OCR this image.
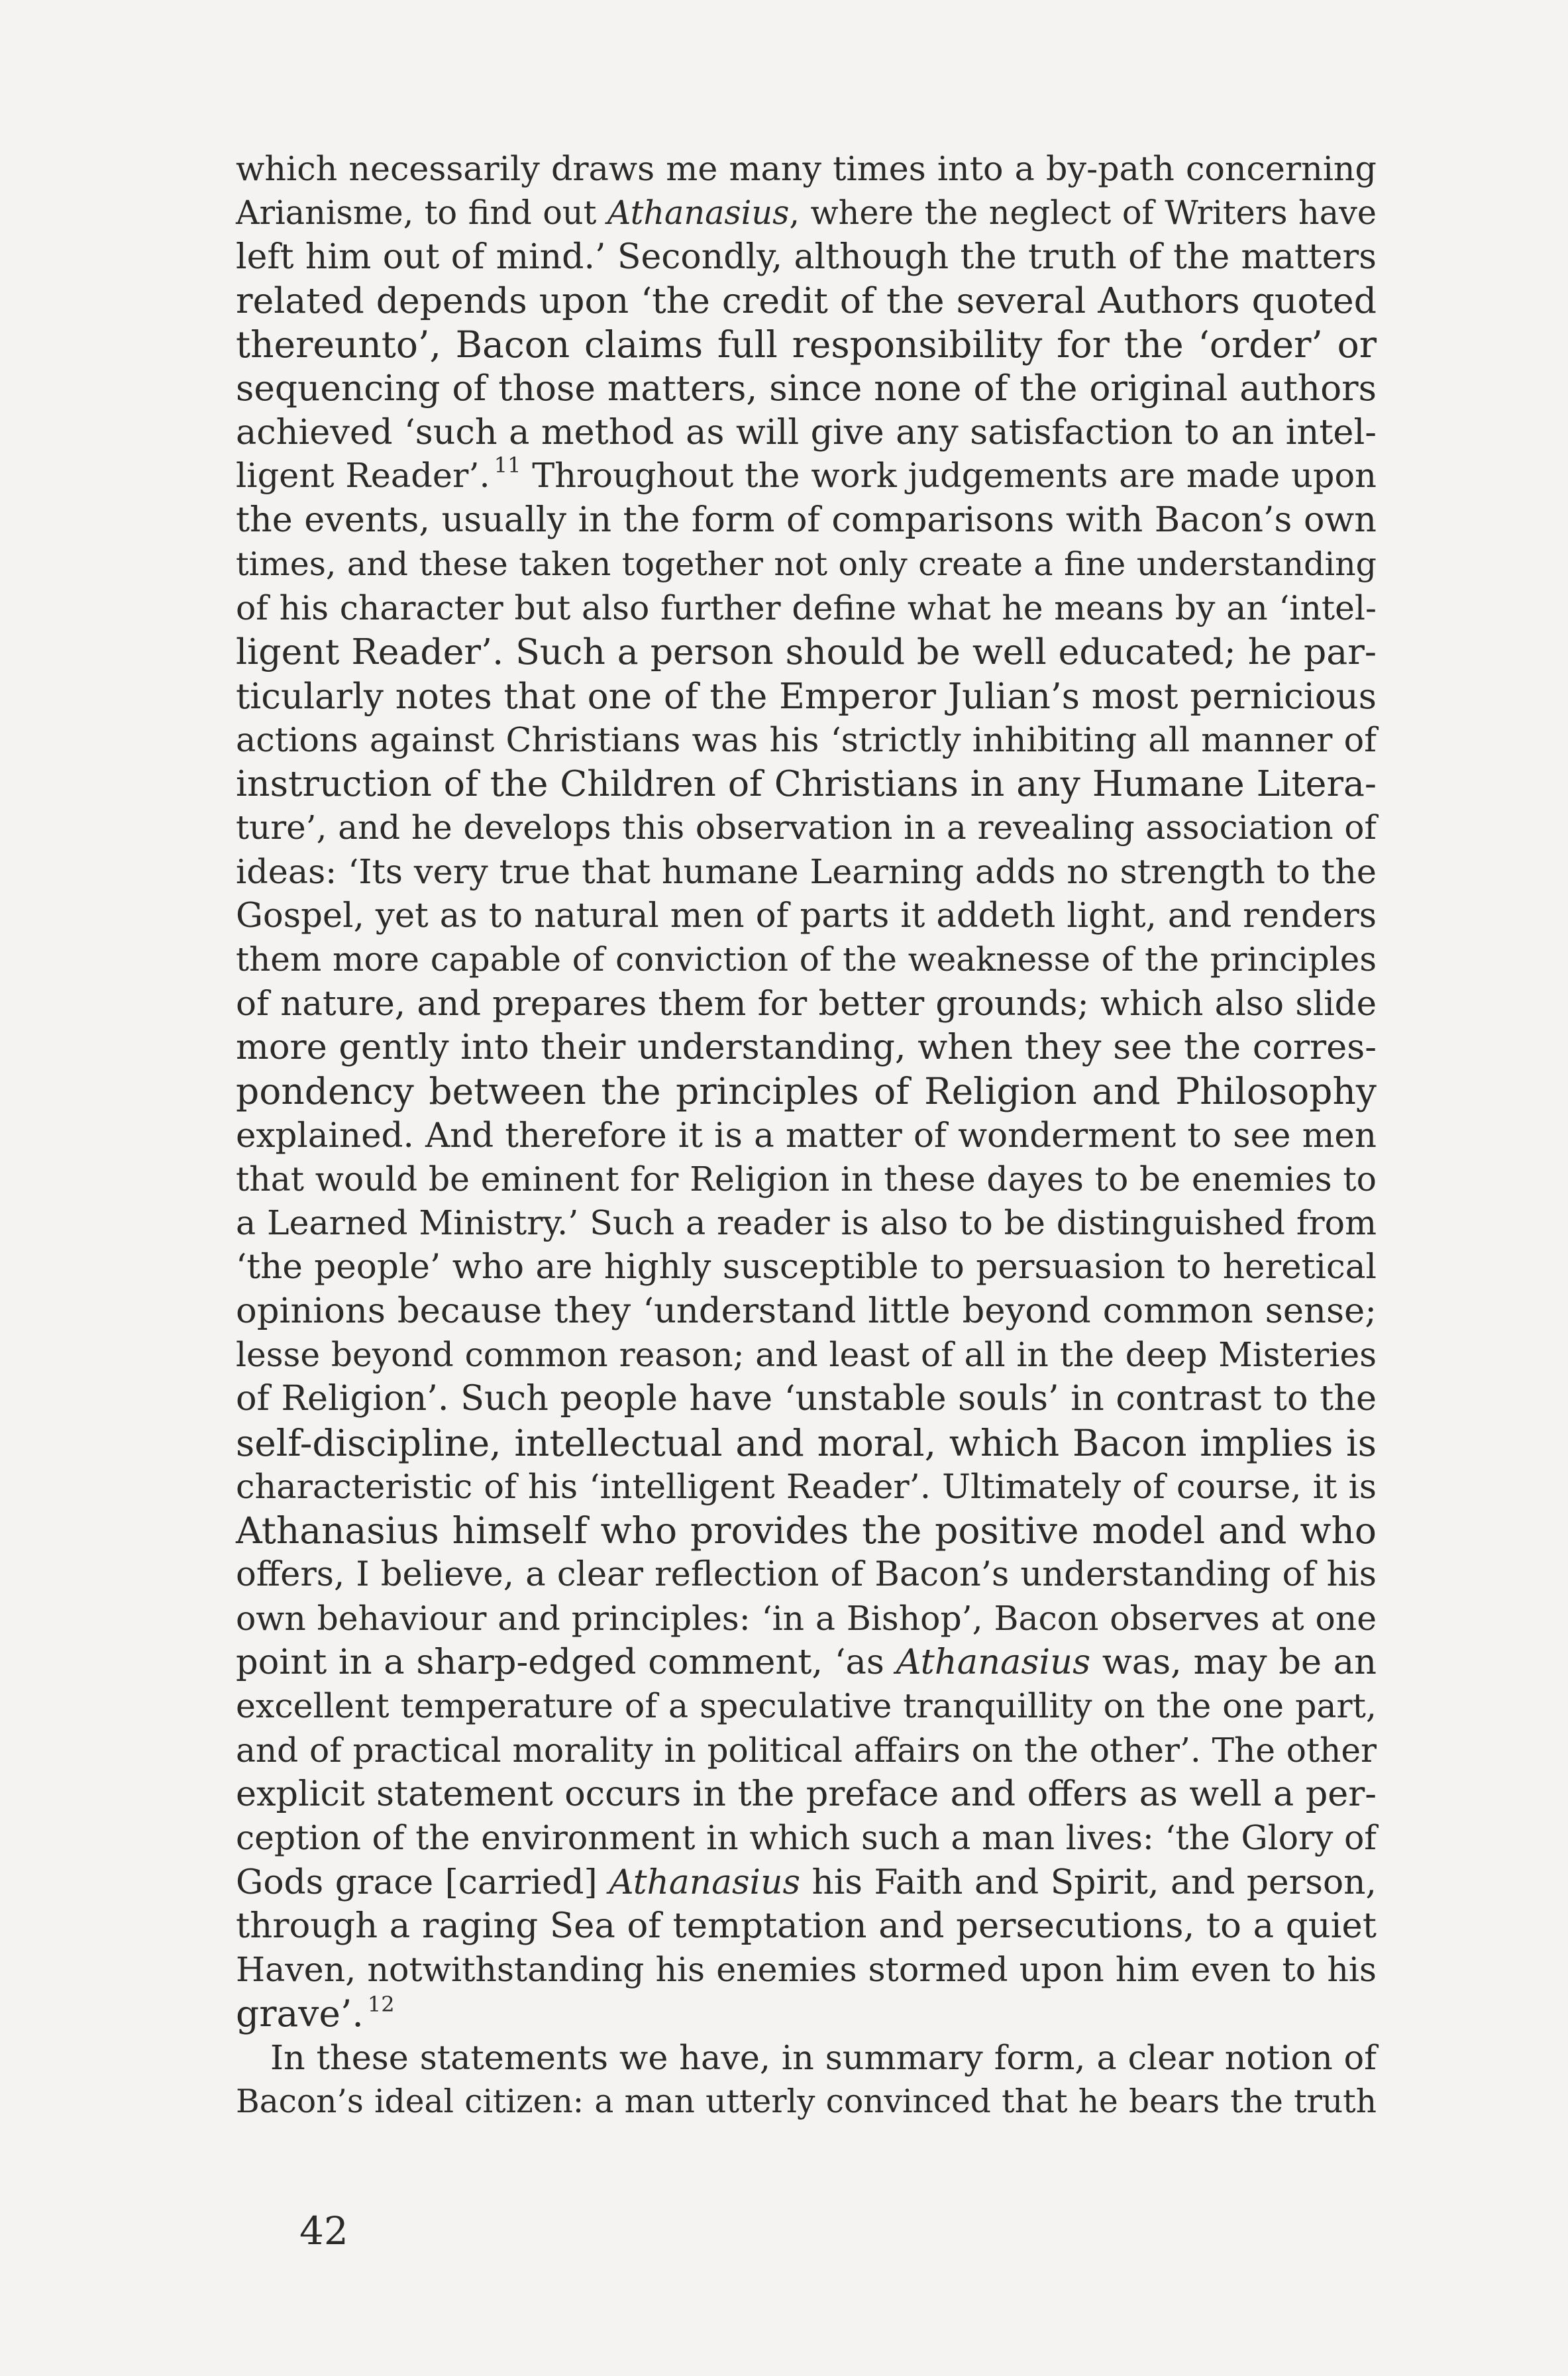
which necessarily draws me many times into a by-path concerning
Arianisme, to find out Athanasius, where the neglect of Writers have
left him out of mind.’ Secondly, although the truth of the matters
related depends upon ‘the credit of the several Authors quoted
thereunto’, Bacon claims full responsibility for the ‘order’ or
sequencing of those matters, since none of the original authors
achieved ‘such a method as will give any satisfaction to an intel-
ligent Reader’. $^{11}$ Throughout the work judgements are made upon
the events, usually in the form of comparisons with Bacon’s own
times, and these taken together not only create a fine understanding
of his character but also further define what he means by an ‘intel-
ligent Reader’. Such a person should be well educated; he par-
ticularly notes that one of the Emperor Julian’s most pernicious
actions against Christians was his ‘strictly inhibiting all manner of
instruction of the Children of Christians in any Humane Litera-
ture’, and he develops this observation in a revealing association of
ideas: ‘Its very true that humane Learning adds no strength to the
Gospel, yet as to natural men of parts it addeth light, and renders
them more capable of conviction of the weaknesse of the principles
of nature, and prepares them for better grounds; which also slide
more gently into their understanding, when they see the corres-
pondency between the principles of Religion and Philosophy
explained. And therefore it is a matter of wonderment to see men
that would be eminent for Religion in these dayes to be enemies to
a Learned Ministry.’ Such a reader is also to be distinguished from
‘the people’ who are highly susceptible to persuasion to heretical
opinions because they ‘understand little beyond common sense;
lesse beyond common reason; and least of all in the deep Misteries
of Religion’. Such people have ‘unstable souls’ in contrast to the
self-discipline, intellectual and moral, which Bacon implies is
characteristic of his ‘intelligent Reader’. Ultimately of course, it is
Athanasius himself who provides the positive model and who
offers, I believe, a clear reflection of Bacon’s understanding of his
own behaviour and principles: ‘in a Bishop’, Bacon observes at one
point in a sharp-edged comment, ‘as Athanasius was, may be an
excellent temperature of a speculative tranquillity on the one part,
and of practical morality in political affairs on the other’. The other
explicit statement occurs in the preface and offers as well a per-
ception of the environment in which such a man lives: ‘the Glory of
Gods grace [carried] Athanasius his Faith and Spirit, and person,
through a raging Sea of temptation and persecutions, to a quiet
Haven, notwithstanding his enemies stormed upon him even to his
grave’. $^{12}$
In these statements we have, in summary form, a clear notion of
Bacon’s ideal citizen: a man utterly convinced that he bears the truth
42
